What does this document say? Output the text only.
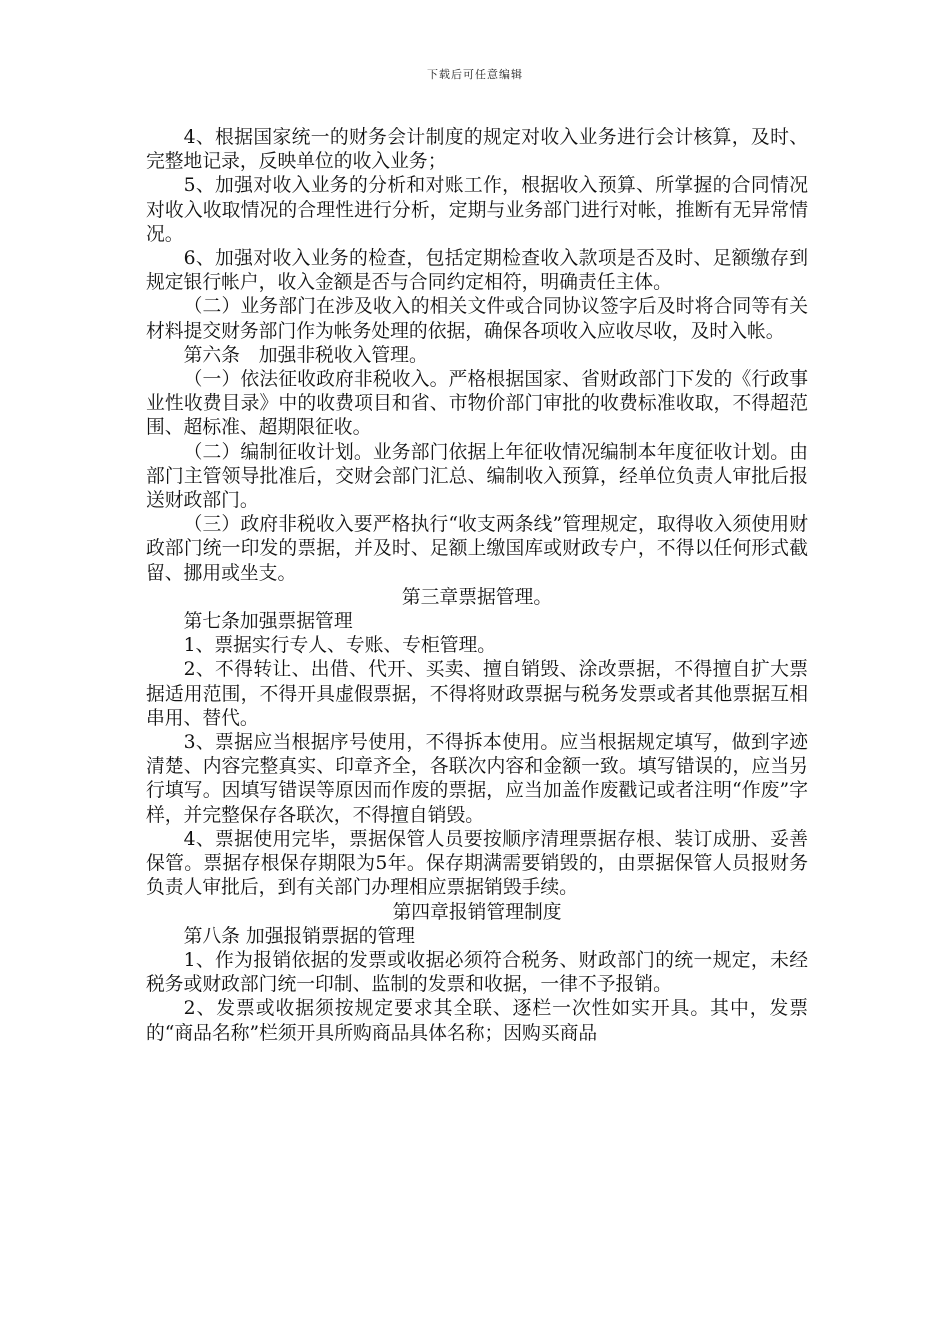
下载后可任意编辑

4、根据国家统一的财务会计制度的规定对收入业务进行会计核算，及时、完整地记录，反映单位的收入业务；

5、加强对收入业务的分析和对账工作，根据收入预算、所掌握的合同情况对收入收取情况的合理性进行分析，定期与业务部门进行对帐，推断有无异常情况。

6、加强对收入业务的检查，包括定期检查收入款项是否及时、足额缴存到规定银行帐户，收入金额是否与合同约定相符，明确责任主体。

（二）业务部门在涉及收入的相关文件或合同协议签字后及时将合同等有关材料提交财务部门作为帐务处理的依据，确保各项收入应收尽收，及时入帐。

第六条　加强非税收入管理。

（一）依法征收政府非税收入。严格根据国家、省财政部门下发的《行政事业性收费目录》中的收费项目和省、市物价部门审批的收费标准收取，不得超范围、超标准、超期限征收。

（二）编制征收计划。业务部门依据上年征收情况编制本年度征收计划。由部门主管领导批准后，交财会部门汇总、编制收入预算，经单位负责人审批后报送财政部门。

（三）政府非税收入要严格执行“收支两条线”管理规定，取得收入须使用财政部门统一印发的票据，并及时、足额上缴国库或财政专户，不得以任何形式截留、挪用或坐支。

第三章票据管理。

第七条加强票据管理

1、票据实行专人、专账、专柜管理。

2、不得转让、出借、代开、买卖、擅自销毁、涂改票据，不得擅自扩大票据适用范围，不得开具虚假票据，不得将财政票据与税务发票或者其他票据互相串用、替代。

3、票据应当根据序号使用，不得拆本使用。应当根据规定填写，做到字迹清楚、内容完整真实、印章齐全，各联次内容和金额一致。填写错误的，应当另行填写。因填写错误等原因而作废的票据，应当加盖作废戳记或者注明“作废”字样，并完整保存各联次，不得擅自销毁。

4、票据使用完毕，票据保管人员要按顺序清理票据存根、装订成册、妥善保管。票据存根保存期限为5年。保存期满需要销毁的，由票据保管人员报财务负责人审批后，到有关部门办理相应票据销毁手续。

第四章报销管理制度

第八条 加强报销票据的管理

1、作为报销依据的发票或收据必须符合税务、财政部门的统一规定，未经税务或财政部门统一印制、监制的发票和收据，一律不予报销。

2、发票或收据须按规定要求其全联、逐栏一次性如实开具。其中，发票的“商品名称”栏须开具所购商品具体名称；因购买商品
